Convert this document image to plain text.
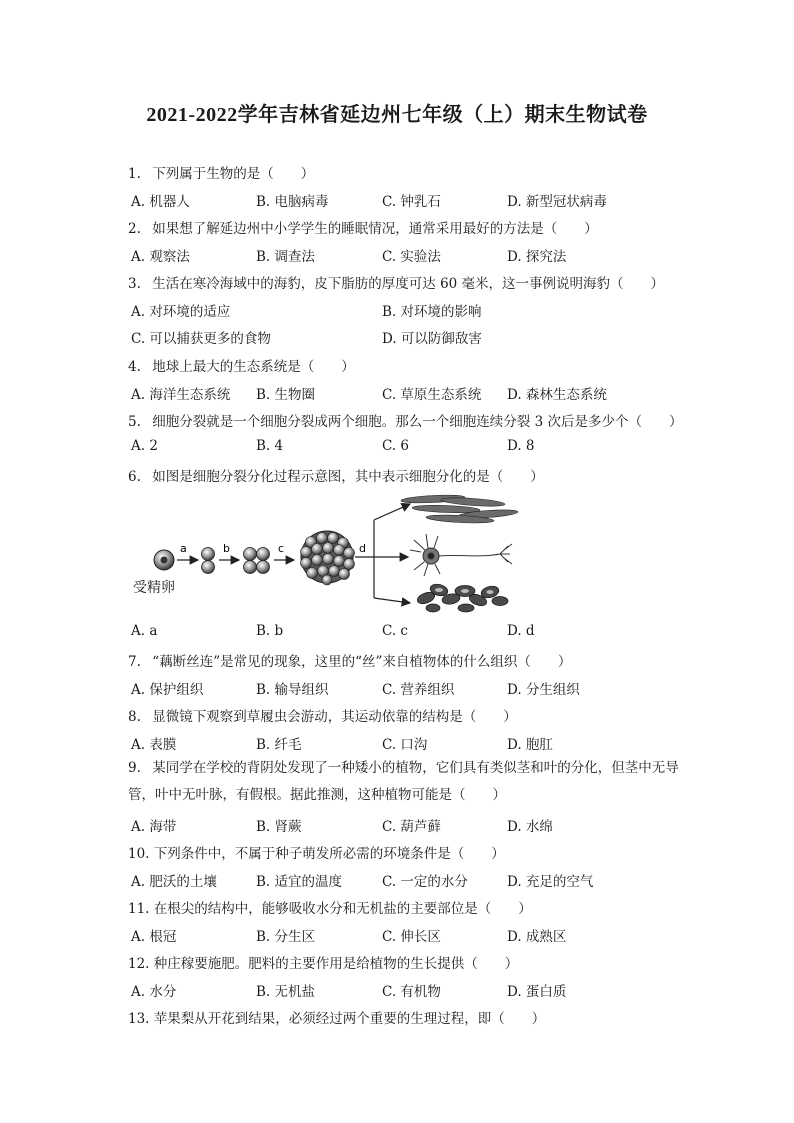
2021-2022学年吉林省延边州七年级（上）期末生物试卷
1. 下列属于生物的是（　　）
A. 机器人	B. 电脑病毒	C. 钟乳石	D. 新型冠状病毒
2. 如果想了解延边州中小学学生的睡眠情况，通常采用最好的方法是（　　）
A. 观察法	B. 调查法	C. 实验法	D. 探究法
3. 生活在寒冷海域中的海豹，皮下脂肪的厚度可达 60 毫米，这一事例说明海豹（　　）
A. 对环境的适应	B. 对环境的影响
C. 可以捕获更多的食物	D. 可以防御敌害
4. 地球上最大的生态系统是（　　）
A. 海洋生态系统 B. 生物圈	C. 草原生态系统 D. 森林生态系统
5. 细胞分裂就是一个细胞分裂成两个细胞。那么一个细胞连续分裂 3 次后是多少个（　　）
A. 2	B. 4	C. 6	D. 8
6. 如图是细胞分裂分化过程示意图，其中表示细胞分化的是（　　）
受精卵
a	b	c	d
A. a	B. b	C. c	D. d
7. “藕断丝连”是常见的现象，这里的“丝”来自植物体的什么组织（　　）
A. 保护组织	B. 输导组织	C. 营养组织	D. 分生组织
8. 显微镜下观察到草履虫会游动，其运动依靠的结构是（　　）
A. 表膜	B. 纤毛	C. 口沟	D. 胞肛
9. 某同学在学校的背阴处发现了一种矮小的植物，它们具有类似茎和叶的分化，但茎中无导管，叶中无叶脉，有假根。据此推测，这种植物可能是（　　）
A. 海带	B. 肾蕨	C. 葫芦藓	D. 水绵
10. 下列条件中，不属于种子萌发所必需的环境条件是（　　）
A. 肥沃的土壤	B. 适宜的温度	C. 一定的水分	D. 充足的空气
11. 在根尖的结构中，能够吸收水分和无机盐的主要部位是（　　）
A. 根冠	B. 分生区	C. 伸长区	D. 成熟区
12. 种庄稼要施肥。肥料的主要作用是给植物的生长提供（　　）
A. 水分	B. 无机盐	C. 有机物	D. 蛋白质
13. 苹果梨从开花到结果，必须经过两个重要的生理过程，即（　　）
